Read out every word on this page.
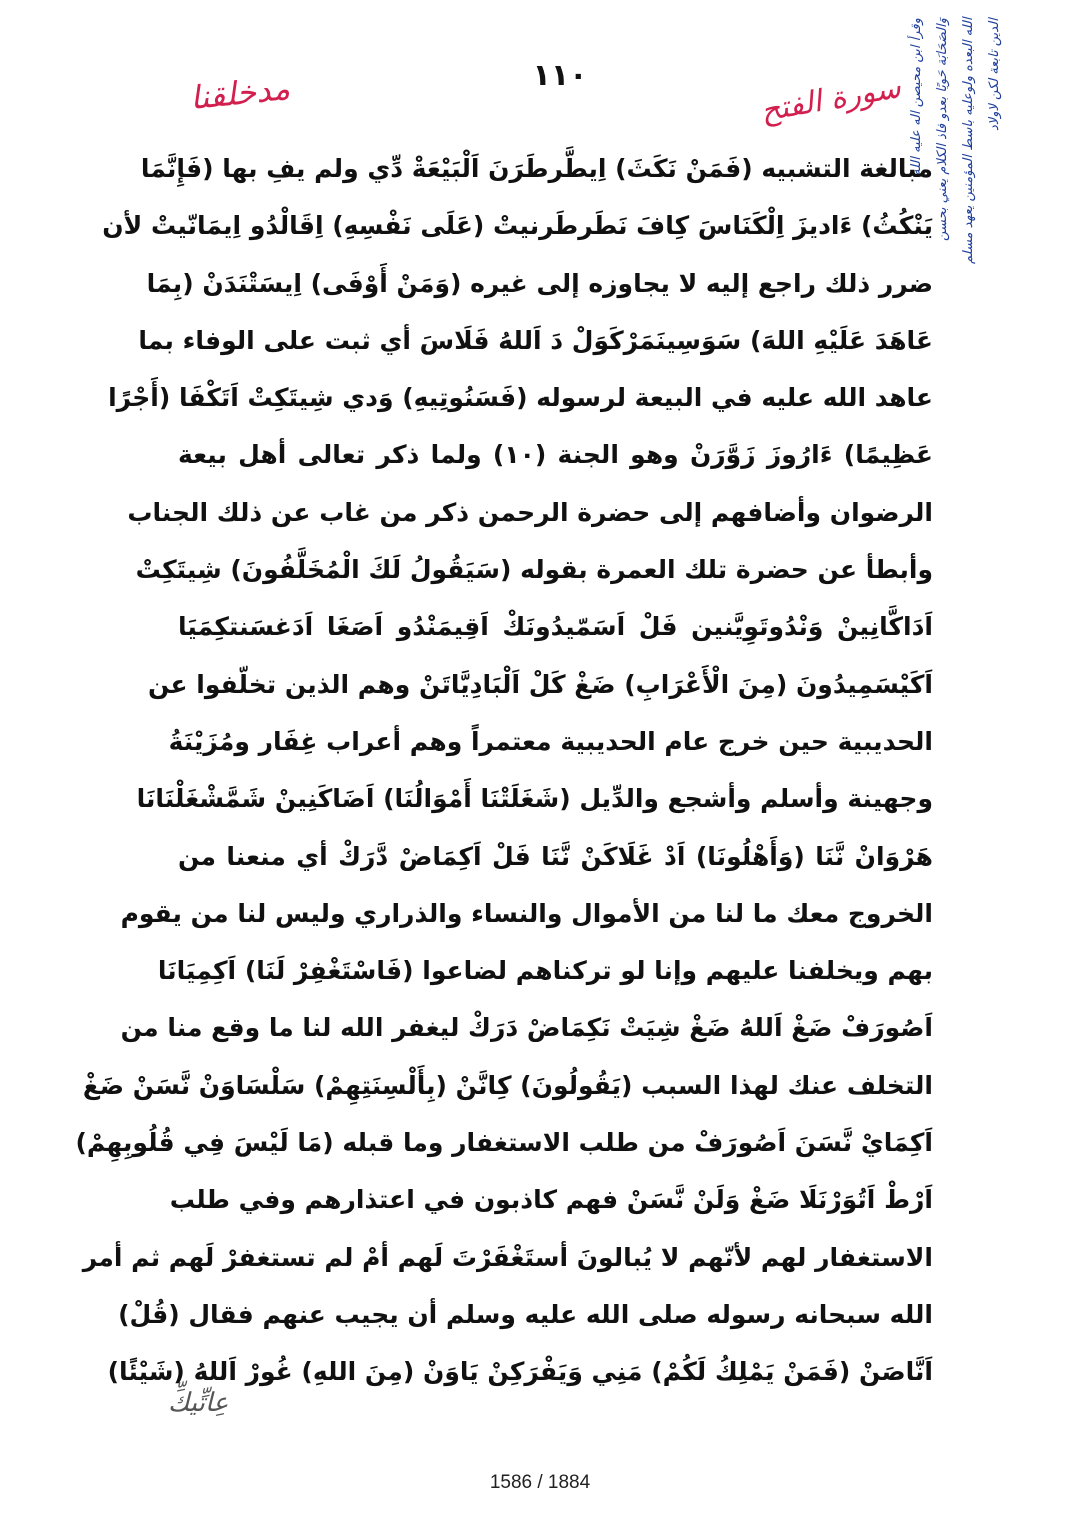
١١٠
مدخلقنا	سورة الفتح وقرأ ابن محيصن اله عليه الله وَالصَحَابَة حَويًا بعدو فاذ الكلام يعني بحسن الله البعده ولوعليه باسط المؤمنين يعهد مسلم الدين تابعة لكن لاولاد
مبالغة التشبيه (فَمَنْ نَكَثَ) اِيطَّرطَرَنَ اَلْبَيْعَةْ دِّي ولم يفِ بها (فَإِنَّمَا
يَنْكُثُ) ءَاديزَ اِلْكَنَاسَ كِافَ نَطَرطَرنيتْ (عَلَى نَفْسِهِ) اِقَالْدُو اِيمَانّيتْ لأن
ضرر ذلك راجع إليه لا يجاوزه إلى غيره (وَمَنْ أَوْفَى) اِيسَتْنَدَنْ (بِمَا
عَاهَدَ عَلَيْهِ اللهَ) سَوَسِينَمَرْكَوَلْ دَ اَللهُ فَلَاسَ أي ثبت على الوفاء بما
عاهد الله عليه في البيعة لرسوله (فَسَنُوتِيهِ) وَدي شِيتَكِتْ اَتَكْفَا (أَجْرًا
عَظِيمًا) ءَارُوزَ زَوَّرَنْ وهو الجنة (١٠) ولما ذكر تعالى أهل بيعة
الرضوان وأضافهم إلى حضرة الرحمن ذكر من غاب عن ذلك الجناب
وأبطأ عن حضرة تلك العمرة بقوله (سَيَقُولُ لَكَ الْمُخَلَّفُونَ) شِيتَكِتْ
اَدَاكَّانِينْ وَنْدُوتَوِيَّنين فَلْ اَسَمّيدُونَكْ اَقِيمَنْدُو اَصَغَا اَدَغسَنتكِمَيَا
اَكَيْسَمِيدُونَ (مِنَ الْأَعْرَابِ) ضَغْ كَلْ اَلْبَادِيَّاتَنْ وهم الذين تخلّفوا عن
الحديبية حين خرج عام الحديبية معتمراً وهم أعراب غِفَار ومُزَيْنَةُ
وجهينة وأسلم وأشجع والدِّيل (شَغَلَتْنَا أَمْوَالُنَا) اَضَاكَنِينْ شَمَّشْغَلْنَانَا
هَرْوَانْ نَّنَا (وَأَهْلُونَا) اَدْ غَلَاكَنْ نَّنَا فَلْ اَكِمَاضْ دَّرَكْ أي منعنا من
الخروج معك ما لنا من الأموال والنساء والذراري وليس لنا من يقوم
بهم ويخلفنا عليهم وإنا لو تركناهم لضاعوا (فَاسْتَغْفِرْ لَنَا) اَكِمِيَانَا
اَصُورَفْ ضَغْ اَللهُ ضَغْ شِيَتْ نَكِمَاضْ دَرَكْ ليغفر الله لنا ما وقع منا من
التخلف عنك لهذا السبب (يَقُولُونَ) كِانَّنْ (بِأَلْسِنَتِهِمْ) سَلْسَاوَنْ نَّسَنْ ضَغْ
اَكِمَايْ نَّسَنَ اَصُورَفْ من طلب الاستغفار وما قبله (مَا لَيْسَ فِي قُلُوبِهِمْ)
اَرْطْ اَتُوَرْنَلَا ضَغْ وَلَنْ نَّسَنْ فهم كاذبون في اعتذارهم وفي طلب
الاستغفار لهم لأنّهم لا يُبالونَ أستَغْفَرْتَ لَهم أمْ لم تستغفرْ لَهم ثم أمر
الله سبحانه رسوله صلى الله عليه وسلم أن يجيب عنهم فقال (قُلْ)
اَنَّاصَنْ (فَمَنْ يَمْلِكُ لَكُمْ) مَنِي وَيَفْرَكِنْ يَاوَنْ (مِنَ اللهِ) غُورْ اَللهُ (شَيْئًا)
عِاتِّيكِّ
1586 / 1884
